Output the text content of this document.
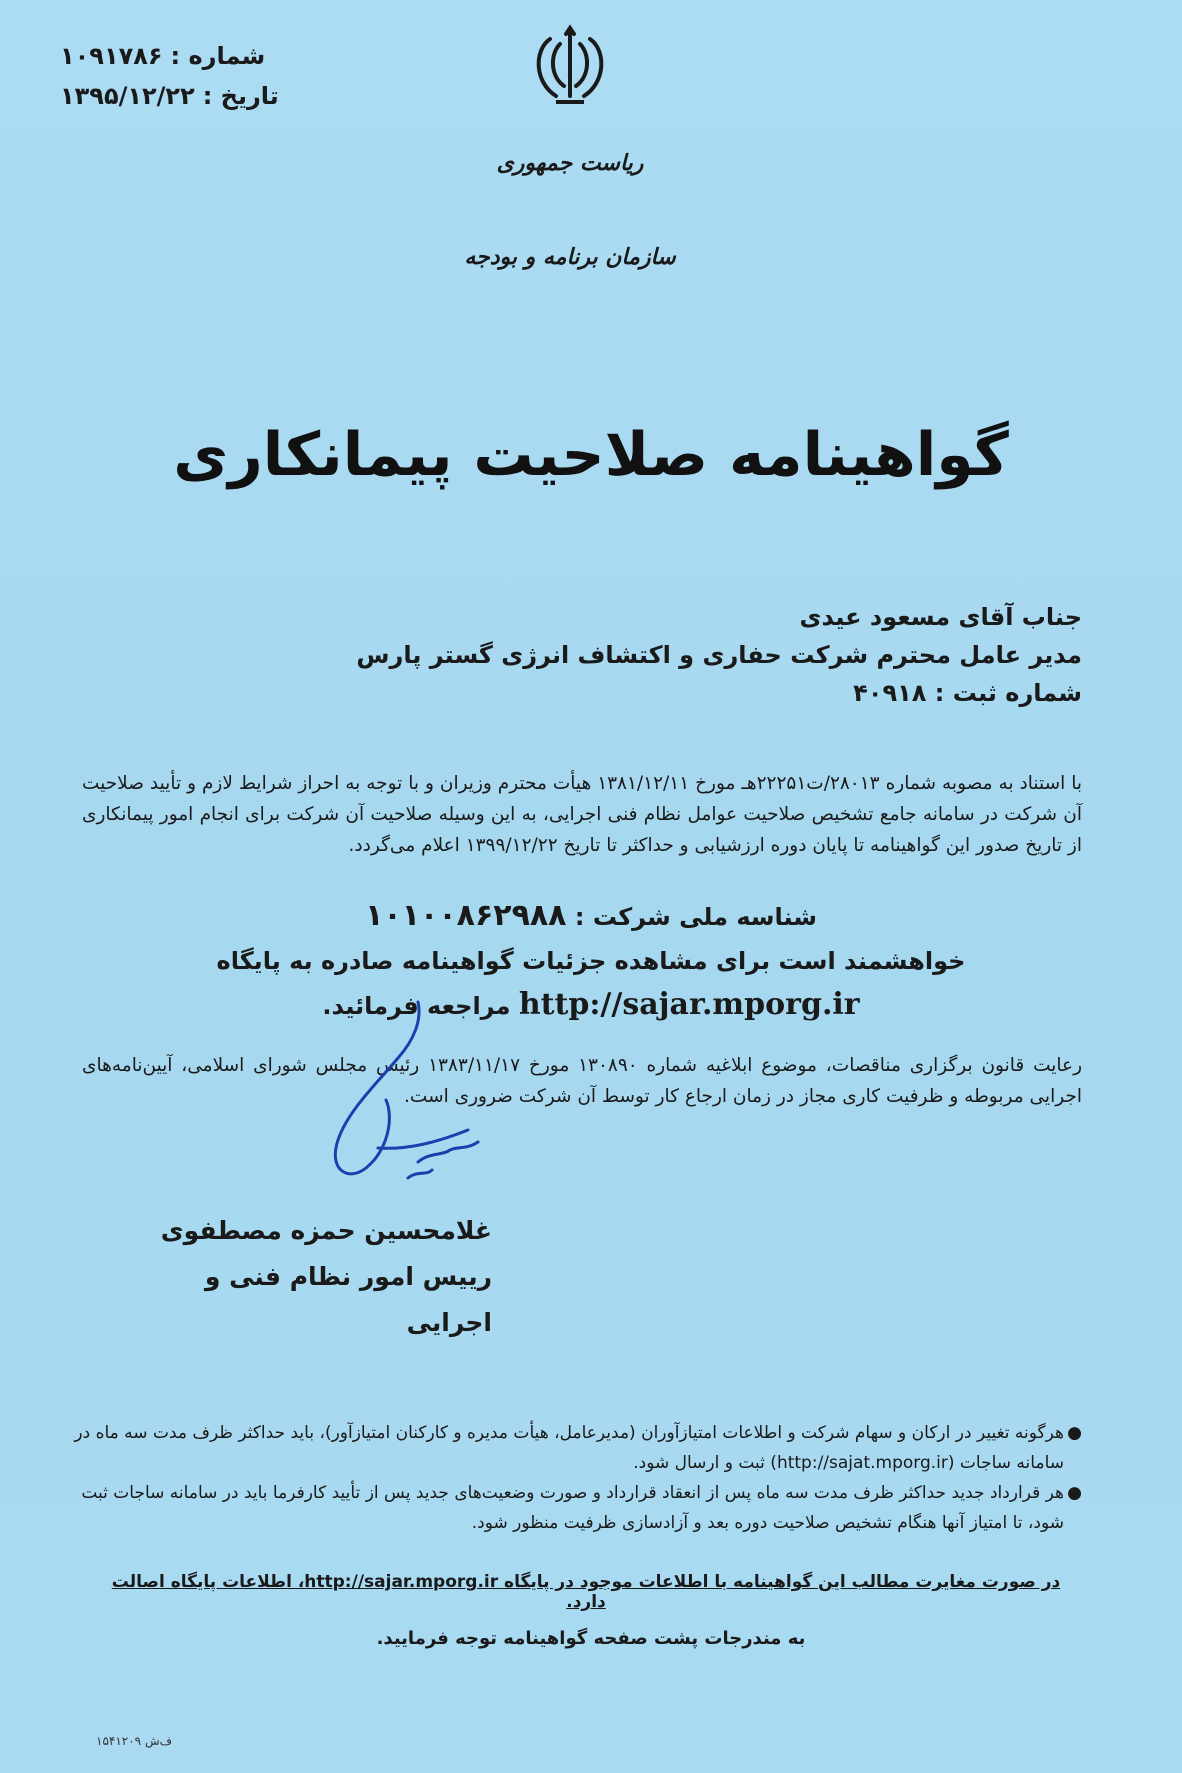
شماره :
۱۰۹۱۷۸۶
تاریخ :
۱۳۹۵/۱۲/۲۲
ریاست جمهوری
سازمان برنامه و بودجه
گواهینامه صلاحیت پیمانکاری
جناب آقای مسعود عیدی
مدیر عامل محترم شرکت حفاری و اکتشاف انرژی گستر پارس
شماره ثبت : ۴۰۹۱۸
با استناد به مصوبه شماره ۲۸۰۱۳/ت۲۲۲۵۱هـ مورخ ۱۳۸۱/۱۲/۱۱ هیأت محترم وزیران و با توجه به احراز شرایط لازم و تأیید صلاحیت آن شرکت در سامانه جامع تشخیص صلاحیت عوامل نظام فنی اجرایی، به این وسیله صلاحیت آن شرکت برای انجام امور پیمانکاری از تاریخ صدور این گواهینامه تا پایان دوره ارزشیابی و حداکثر تا تاریخ ۱۳۹۹/۱۲/۲۲ اعلام می‌گردد.
شناسه ملی شرکت : ۱۰۱۰۰۸۶۲۹۸۸
خواهشمند است برای مشاهده جزئیات گواهینامه صادره به پایگاه
http://sajar.mporg.ir مراجعه فرمائید.
رعایت قانون برگزاری مناقصات، موضوع ابلاغیه شماره ۱۳۰۸۹۰ مورخ ۱۳۸۳/۱۱/۱۷ رئیس مجلس شورای اسلامی، آیین‌نامه‌های اجرایی مربوطه و ظرفیت کاری مجاز در زمان ارجاع کار توسط آن شرکت ضروری است.
غلامحسین حمزه مصطفوی
رییس امور نظام فنی و اجرایی
●
هرگونه تغییر در ارکان و سهام شرکت و اطلاعات امتیازآوران (مدیرعامل، هیأت مدیره و کارکنان امتیازآور)، باید حداکثر ظرف مدت سه ماه در سامانه ساجات (http://sajat.mporg.ir) ثبت و ارسال شود.
●
هر قرارداد جدید حداکثر ظرف مدت سه ماه پس از انعقاد قرارداد و صورت وضعیت‌های جدید پس از تأیید کارفرما باید در سامانه ساجات ثبت شود، تا امتیاز آنها هنگام تشخیص صلاحیت دوره بعد و آزادسازی ظرفیت منظور شود.
در صورت مغایرت مطالب این گواهینامه با اطلاعات موجود در پایگاه http://sajar.mporg.ir، اطلاعات پایگاه اصالت دارد.
به مندرجات پشت صفحه گواهینامه توجه فرمایید.
ف‌ش ۱۵۴۱۲۰۹
